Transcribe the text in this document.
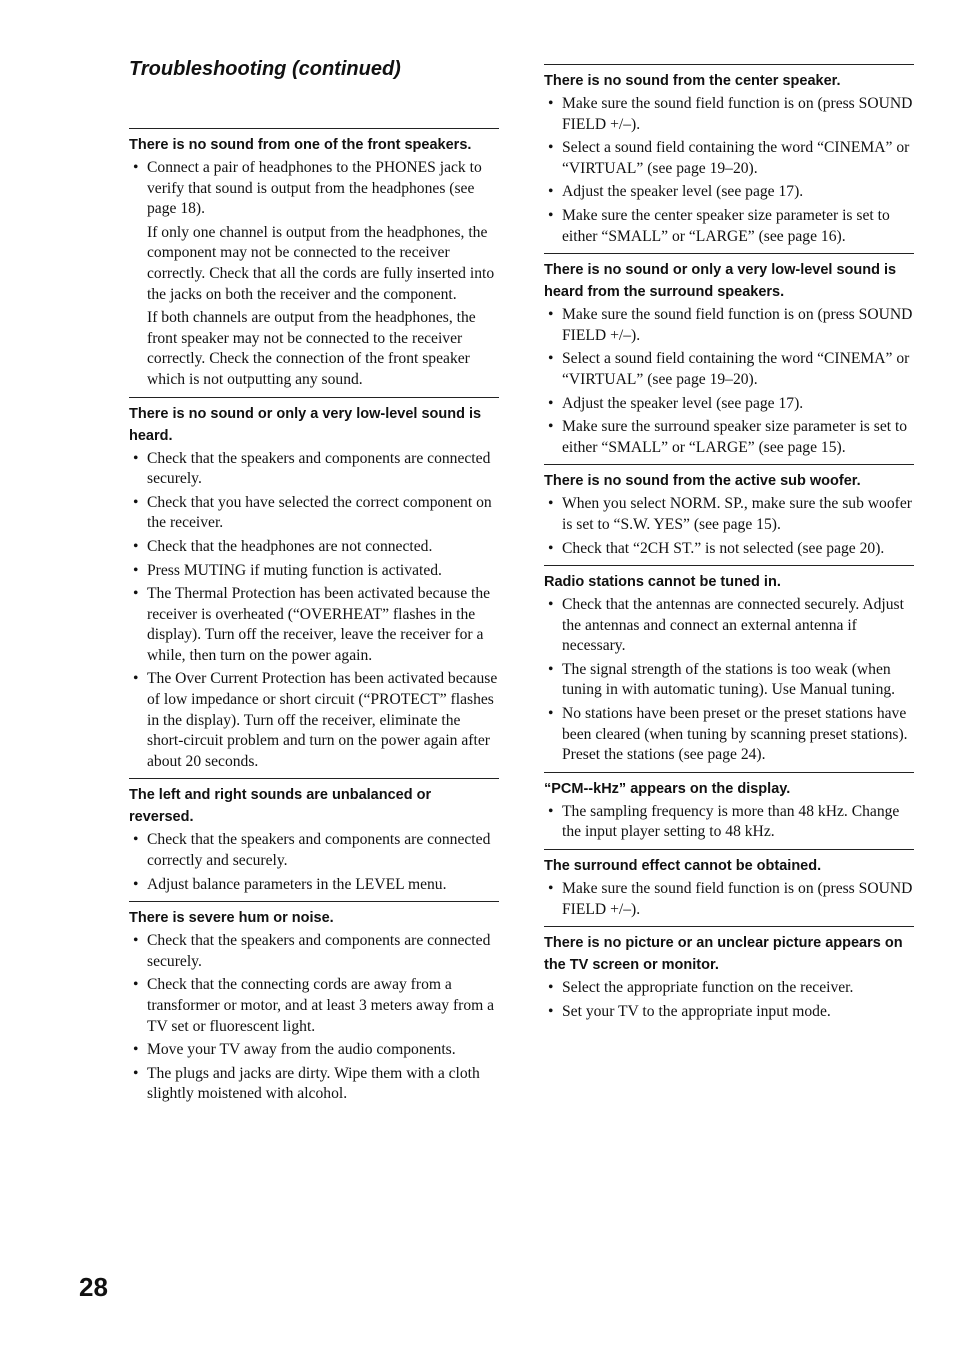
Troubleshooting (continued)
There is no sound from one of the front speakers.
• Connect a pair of headphones to the PHONES jack to verify that sound is output from the headphones (see page 18).
If only one channel is output from the headphones, the component may not be connected to the receiver correctly. Check that all the cords are fully inserted into the jacks on both the receiver and the component.
If both channels are output from the headphones, the front speaker may not be connected to the receiver correctly. Check the connection of the front speaker which is not outputting any sound.
There is no sound or only a very low-level sound is heard.
• Check that the speakers and components are connected securely.
• Check that you have selected the correct component on the receiver.
• Check that the headphones are not connected.
• Press MUTING if muting function is activated.
• The Thermal Protection has been activated because the receiver is overheated (“OVERHEAT” flashes in the display). Turn off the receiver, leave the receiver for a while, then turn on the power again.
• The Over Current Protection has been activated because of low impedance or short circuit (“PROTECT” flashes in the display). Turn off the receiver, eliminate the short-circuit problem and turn on the power again after about 20 seconds.
The left and right sounds are unbalanced or reversed.
• Check that the speakers and components are connected correctly and securely.
• Adjust balance parameters in the LEVEL menu.
There is severe hum or noise.
• Check that the speakers and components are connected securely.
• Check that the connecting cords are away from a transformer or motor, and at least 3 meters away from a TV set or fluorescent light.
• Move your TV away from the audio components.
• The plugs and jacks are dirty. Wipe them with a cloth slightly moistened with alcohol.
There is no sound from the center speaker.
• Make sure the sound field function is on (press SOUND FIELD +/–).
• Select a sound field containing the word “CINEMA” or “VIRTUAL” (see page 19–20).
• Adjust the speaker level (see page 17).
• Make sure the center speaker size parameter is set to either “SMALL” or “LARGE” (see page 16).
There is no sound or only a very low-level sound is heard from the surround speakers.
• Make sure the sound field function is on (press SOUND FIELD +/–).
• Select a sound field containing the word “CINEMA” or “VIRTUAL” (see page 19–20).
• Adjust the speaker level (see page 17).
• Make sure the surround speaker size parameter is set to either “SMALL” or “LARGE” (see page 15).
There is no sound from the active sub woofer.
• When you select NORM. SP., make sure the sub woofer is set to “S.W. YES” (see page 15).
• Check that “2CH ST.” is not selected (see page 20).
Radio stations cannot be tuned in.
• Check that the antennas are connected securely. Adjust the antennas and connect an external antenna if necessary.
• The signal strength of the stations is too weak (when tuning in with automatic tuning). Use Manual tuning.
• No stations have been preset or the preset stations have been cleared (when tuning by scanning preset stations). Preset the stations (see page 24).
“PCM--kHz” appears on the display.
• The sampling frequency is more than 48 kHz. Change the input player setting to 48 kHz.
The surround effect cannot be obtained.
• Make sure the sound field function is on (press SOUND FIELD +/–).
There is no picture or an unclear picture appears on the TV screen or monitor.
• Select the appropriate function on the receiver.
• Set your TV to the appropriate input mode.
28
